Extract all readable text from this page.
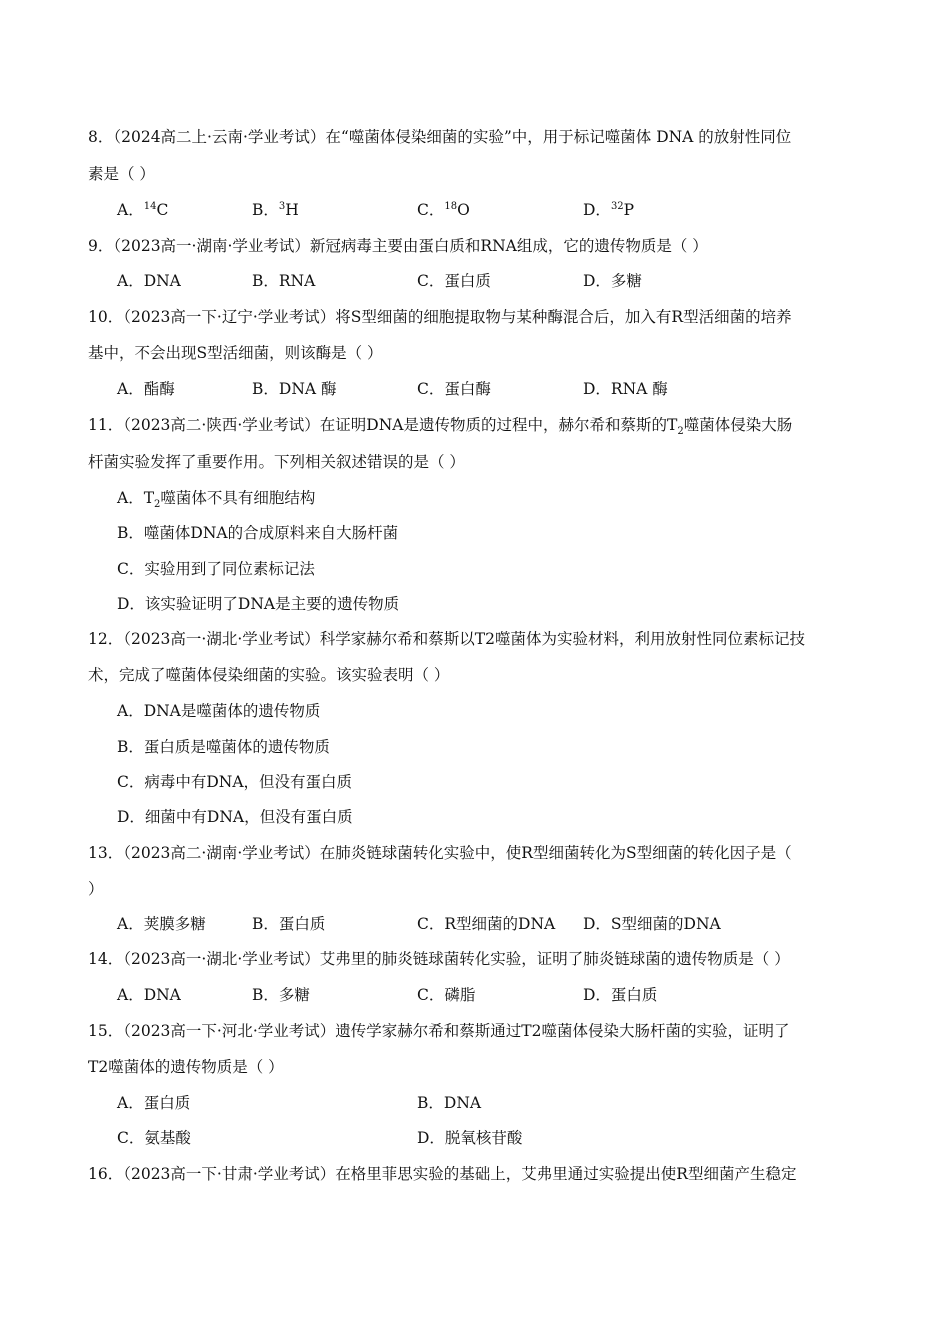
8．（2024高二上·云南·学业考试）在“噬菌体侵染细菌的实验”中，用于标记噬菌体 DNA 的放射性同位
素是（ ）
A．$^{14}$C	B．$^3$H	C．$^{18}$O	D．$^{32}$P
9．（2023高一·湖南·学业考试）新冠病毒主要由蛋白质和RNA组成，它的遗传物质是（ ）
A．DNA	B．RNA	C．蛋白质	D．多糖
10．（2023高一下·辽宁·学业考试）将S型细菌的细胞提取物与某种酶混合后，加入有R型活细菌的培养
基中，不会出现S型活细菌，则该酶是（ ）
A．酯酶	B．DNA 酶	C．蛋白酶	D．RNA 酶
11．（2023高二·陕西·学业考试）在证明DNA是遗传物质的过程中，赫尔希和蔡斯的$T_2$噬菌体侵染大肠
杆菌实验发挥了重要作用。下列相关叙述错误的是（ ）
A．$T_2$噬菌体不具有细胞结构
B．噬菌体DNA的合成原料来自大肠杆菌
C．实验用到了同位素标记法
D．该实验证明了DNA是主要的遗传物质
12．（2023高一·湖北·学业考试）科学家赫尔希和蔡斯以T2噬菌体为实验材料，利用放射性同位素标记技
术，完成了噬菌体侵染细菌的实验。该实验表明（ ）
A．DNA是噬菌体的遗传物质
B．蛋白质是噬菌体的遗传物质
C．病毒中有DNA，但没有蛋白质
D．细菌中有DNA，但没有蛋白质
13．（2023高二·湖南·学业考试）在肺炎链球菌转化实验中，使R型细菌转化为S型细菌的转化因子是（
）
A．荚膜多糖	B．蛋白质	C．R型细菌的DNA D．S型细菌的DNA
14．（2023高一·湖北·学业考试）艾弗里的肺炎链球菌转化实验，证明了肺炎链球菌的遗传物质是（ ）
A．DNA	B．多糖	C．磷脂	D．蛋白质
15．（2023高一下·河北·学业考试）遗传学家赫尔希和蔡斯通过T2噬菌体侵染大肠杆菌的实验，证明了
T2噬菌体的遗传物质是（ ）
A．蛋白质	B．DNA
C．氨基酸	D．脱氧核苷酸
16．（2023高一下·甘肃·学业考试）在格里菲思实验的基础上，艾弗里通过实验提出使R型细菌产生稳定
